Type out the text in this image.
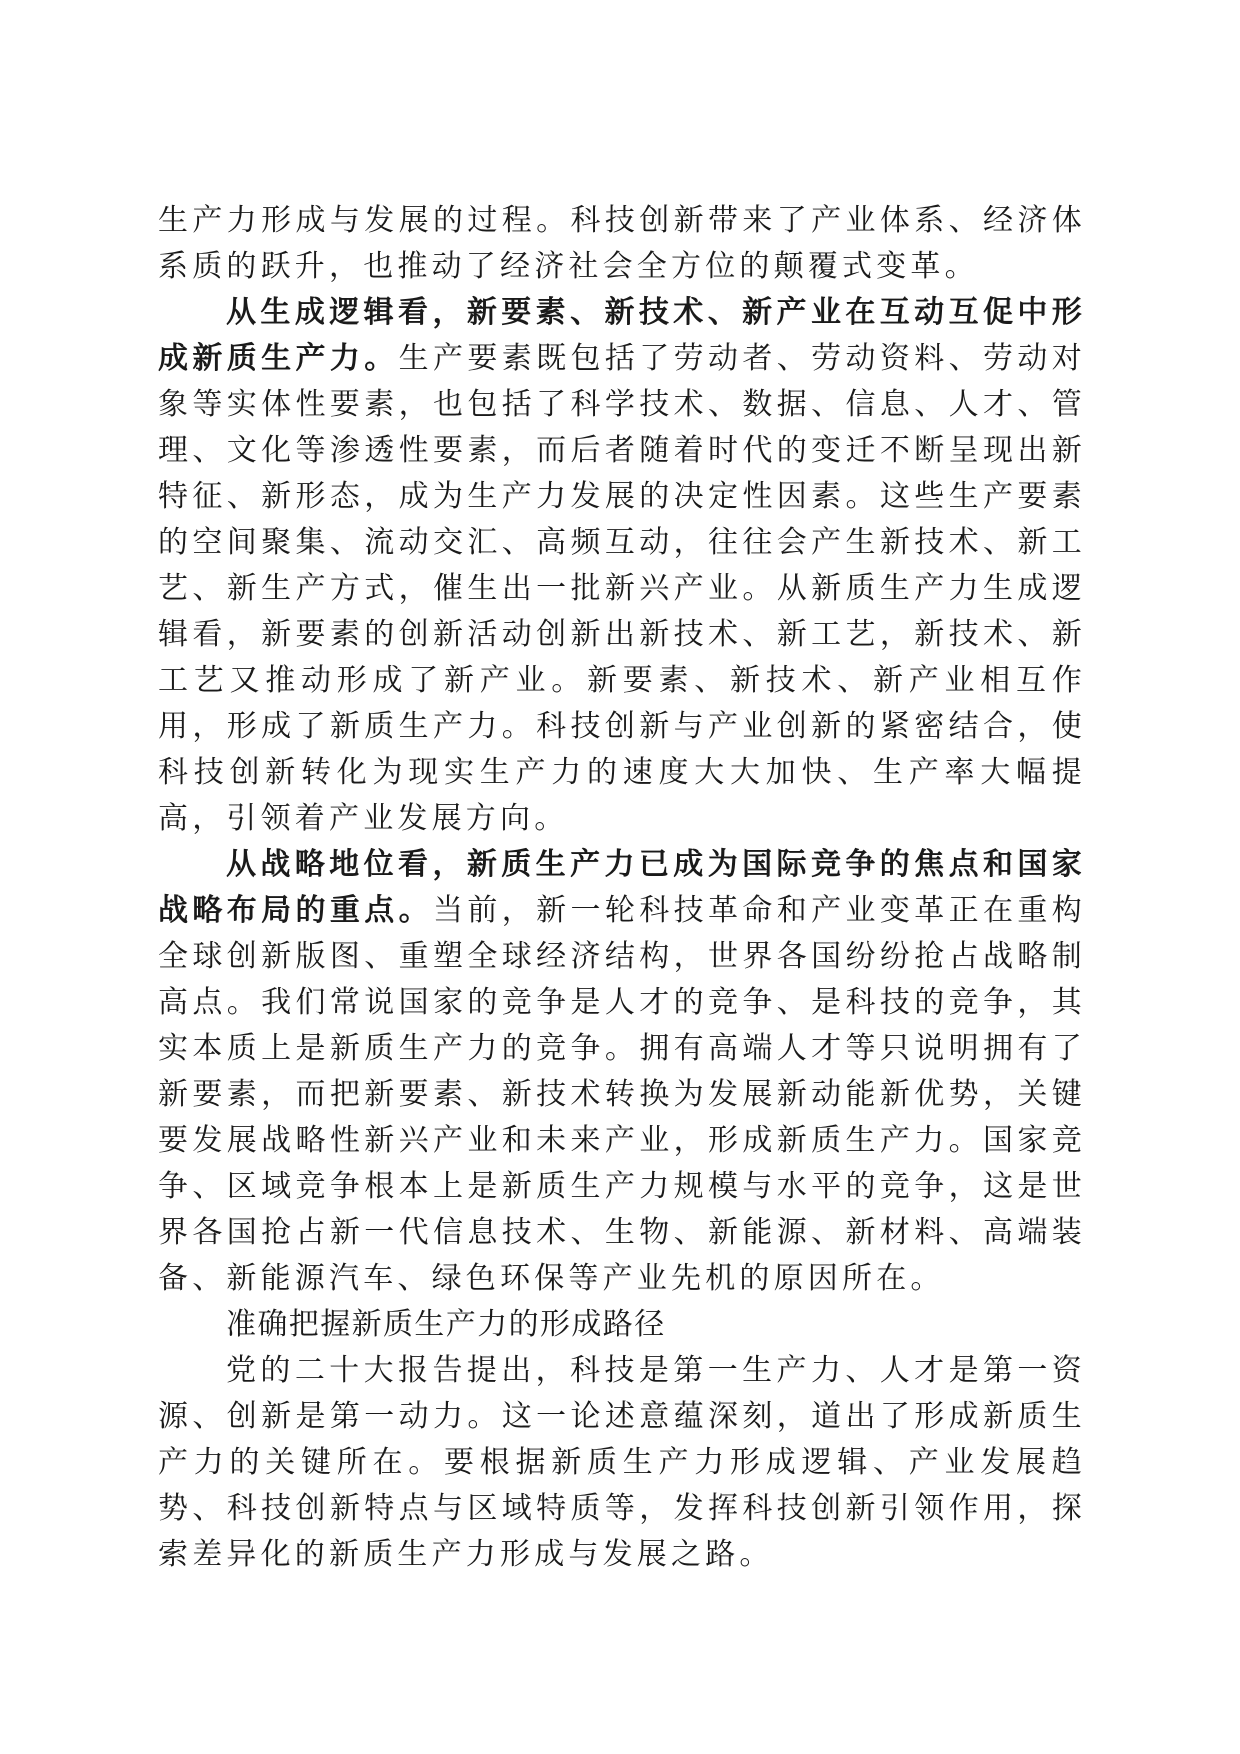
生产力形成与发展的过程。科技创新带来了产业体系、经济体系质的跃升，也推动了经济社会全方位的颠覆式变革。

从生成逻辑看，新要素、新技术、新产业在互动互促中形成新质生产力。生产要素既包括了劳动者、劳动资料、劳动对象等实体性要素，也包括了科学技术、数据、信息、人才、管理、文化等渗透性要素，而后者随着时代的变迁不断呈现出新特征、新形态，成为生产力发展的决定性因素。这些生产要素的空间聚集、流动交汇、高频互动，往往会产生新技术、新工艺、新生产方式，催生出一批新兴产业。从新质生产力生成逻辑看，新要素的创新活动创新出新技术、新工艺，新技术、新工艺又推动形成了新产业。新要素、新技术、新产业相互作用，形成了新质生产力。科技创新与产业创新的紧密结合，使科技创新转化为现实生产力的速度大大加快、生产率大幅提高，引领着产业发展方向。

从战略地位看，新质生产力已成为国际竞争的焦点和国家战略布局的重点。当前，新一轮科技革命和产业变革正在重构全球创新版图、重塑全球经济结构，世界各国纷纷抢占战略制高点。我们常说国家的竞争是人才的竞争、是科技的竞争，其实本质上是新质生产力的竞争。拥有高端人才等只说明拥有了新要素，而把新要素、新技术转换为发展新动能新优势，关键要发展战略性新兴产业和未来产业，形成新质生产力。国家竞争、区域竞争根本上是新质生产力规模与水平的竞争，这是世界各国抢占新一代信息技术、生物、新能源、新材料、高端装备、新能源汽车、绿色环保等产业先机的原因所在。

准确把握新质生产力的形成路径

党的二十大报告提出，科技是第一生产力、人才是第一资源、创新是第一动力。这一论述意蕴深刻，道出了形成新质生产力的关键所在。要根据新质生产力形成逻辑、产业发展趋势、科技创新特点与区域特质等，发挥科技创新引领作用，探索差异化的新质生产力形成与发展之路。
